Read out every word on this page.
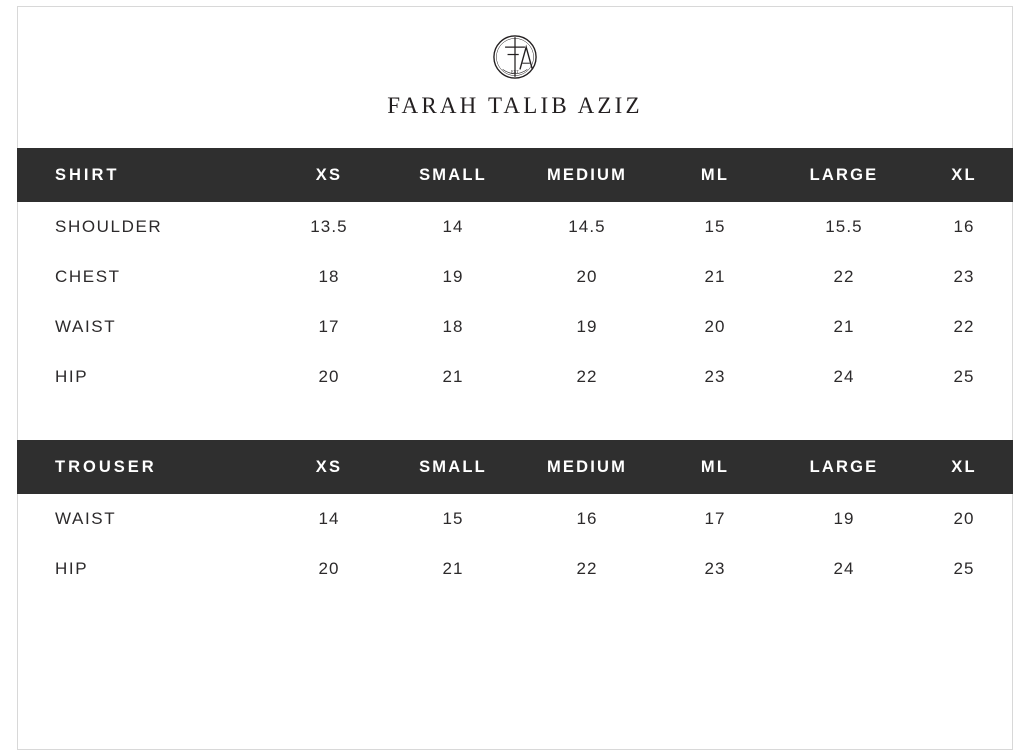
EST
FARAH TALIB AZIZ
SHIRT	XS	SMALL	MEDIUM	ML	LARGE	XL
SHOULDER	13.5	14	14.5	15	15.5	16
CHEST	18	19	20	21	22	23
WAIST	17	18	19	20	21	22
HIP	20	21	22	23	24	25
TROUSER	XS	SMALL	MEDIUM	ML	LARGE	XL
WAIST	14	15	16	17	19	20
HIP	20	21	22	23	24	25
